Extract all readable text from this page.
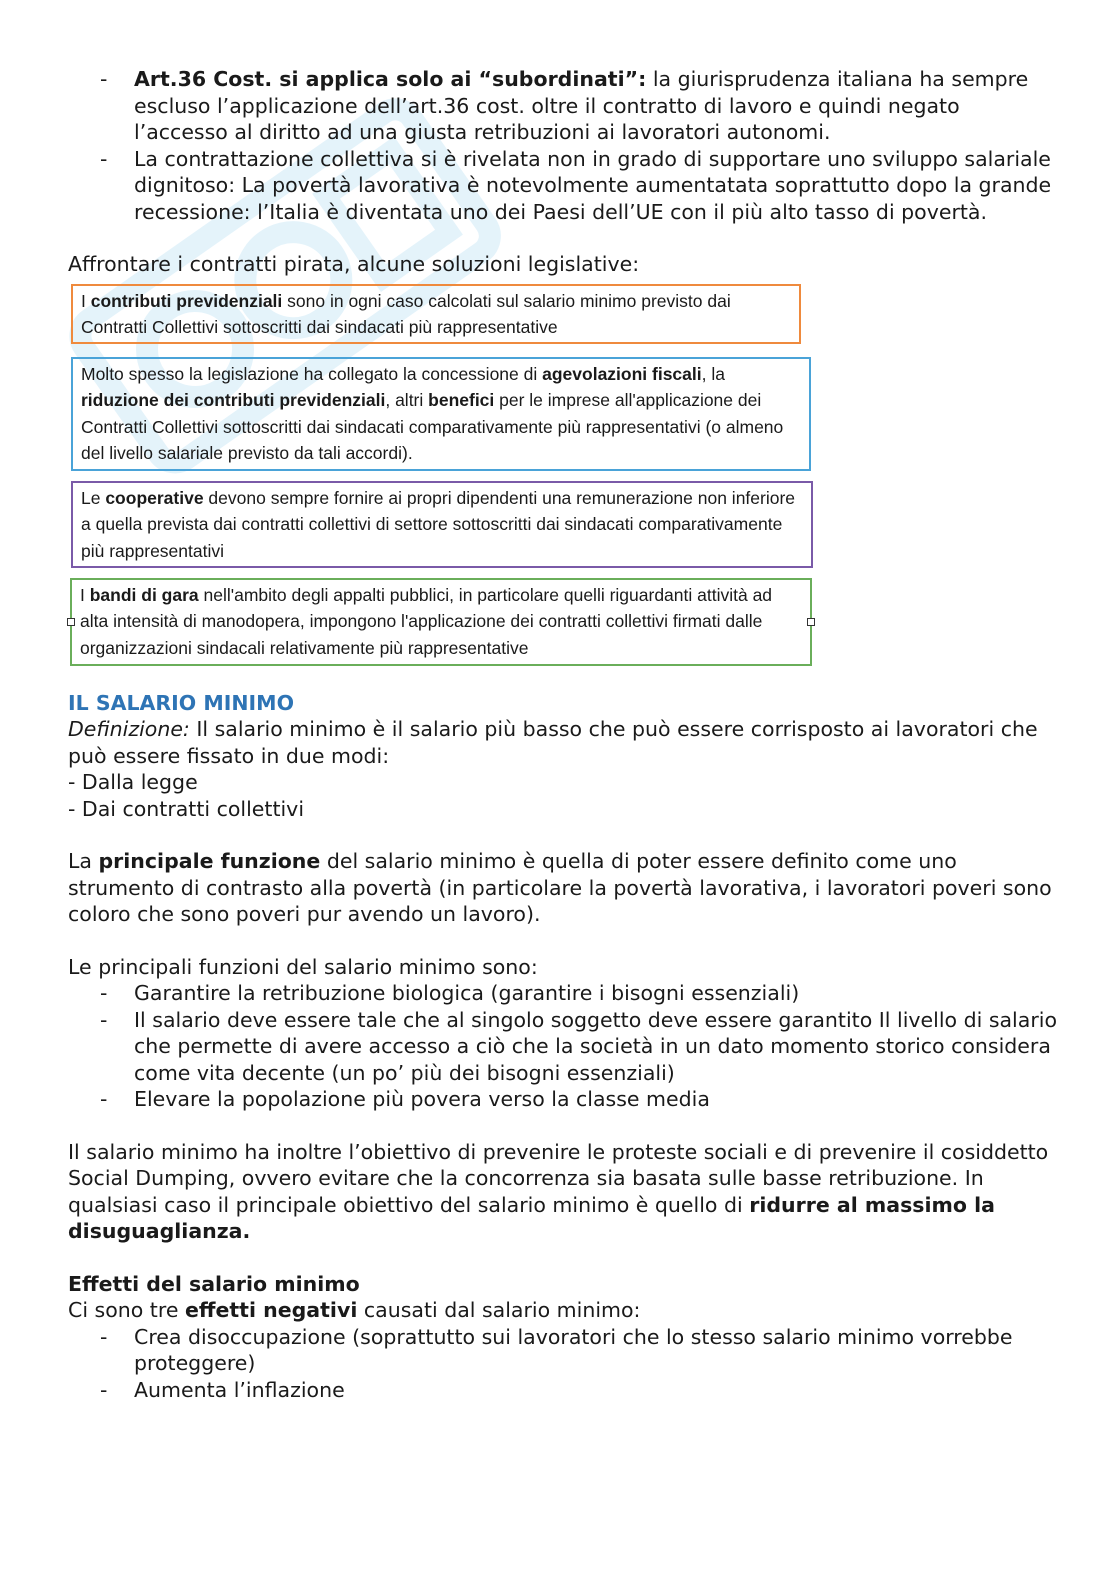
- Art.36 Cost. si applica solo ai “subordinati”: la giurisprudenza italiana ha sempre escluso l’applicazione dell’art.36 cost. oltre il contratto di lavoro e quindi negato l’accesso al diritto ad una giusta retribuzioni ai lavoratori autonomi.
- La contrattazione collettiva si è rivelata non in grado di supportare uno sviluppo salariale dignitoso: La povertà lavorativa è notevolmente aumentatata soprattutto dopo la grande recessione: l’Italia è diventata uno dei Paesi dell’UE con il più alto tasso di povertà.

Affrontare i contratti pirata, alcune soluzioni legislative:

I contributi previdenziali sono in ogni caso calcolati sul salario minimo previsto dai Contratti Collettivi sottoscritti dai sindacati più rappresentative
Molto spesso la legislazione ha collegato la concessione di agevolazioni fiscali, la riduzione dei contributi previdenziali, altri benefici per le imprese all'applicazione dei Contratti Collettivi sottoscritti dai sindacati comparativamente più rappresentativi (o almeno del livello salariale previsto da tali accordi).
Le cooperative devono sempre fornire ai propri dipendenti una remunerazione non inferiore a quella prevista dai contratti collettivi di settore sottoscritti dai sindacati comparativamente più rappresentativi
I bandi di gara nell'ambito degli appalti pubblici, in particolare quelli riguardanti attività ad alta intensità di manodopera, impongono l'applicazione dei contratti collettivi firmati dalle organizzazioni sindacali relativamente più rappresentative
IL SALARIO MINIMO

Definizione: Il salario minimo è il salario più basso che può essere corrisposto ai lavoratori che può essere fissato in due modi:

- Dalla legge

- Dai contratti collettivi

La principale funzione del salario minimo è quella di poter essere definito come uno strumento di contrasto alla povertà (in particolare la povertà lavorativa, i lavoratori poveri sono coloro che sono poveri pur avendo un lavoro).

Le principali funzioni del salario minimo sono:

- Garantire la retribuzione biologica (garantire i bisogni essenziali)
- Il salario deve essere tale che al singolo soggetto deve essere garantito Il livello di salario che permette di avere accesso a ciò che la società in un dato momento storico considera come vita decente (un po’ più dei bisogni essenziali)
- Elevare la popolazione più povera verso la classe media

Il salario minimo ha inoltre l’obiettivo di prevenire le proteste sociali e di prevenire il cosiddetto Social Dumping, ovvero evitare che la concorrenza sia basata sulle basse retribuzione. In qualsiasi caso il principale obiettivo del salario minimo è quello di ridurre al massimo la disuguaglianza.

Effetti del salario minimo

Ci sono tre effetti negativi causati dal salario minimo:

- Crea disoccupazione (soprattutto sui lavoratori che lo stesso salario minimo vorrebbe proteggere)
- Aumenta l’inflazione
